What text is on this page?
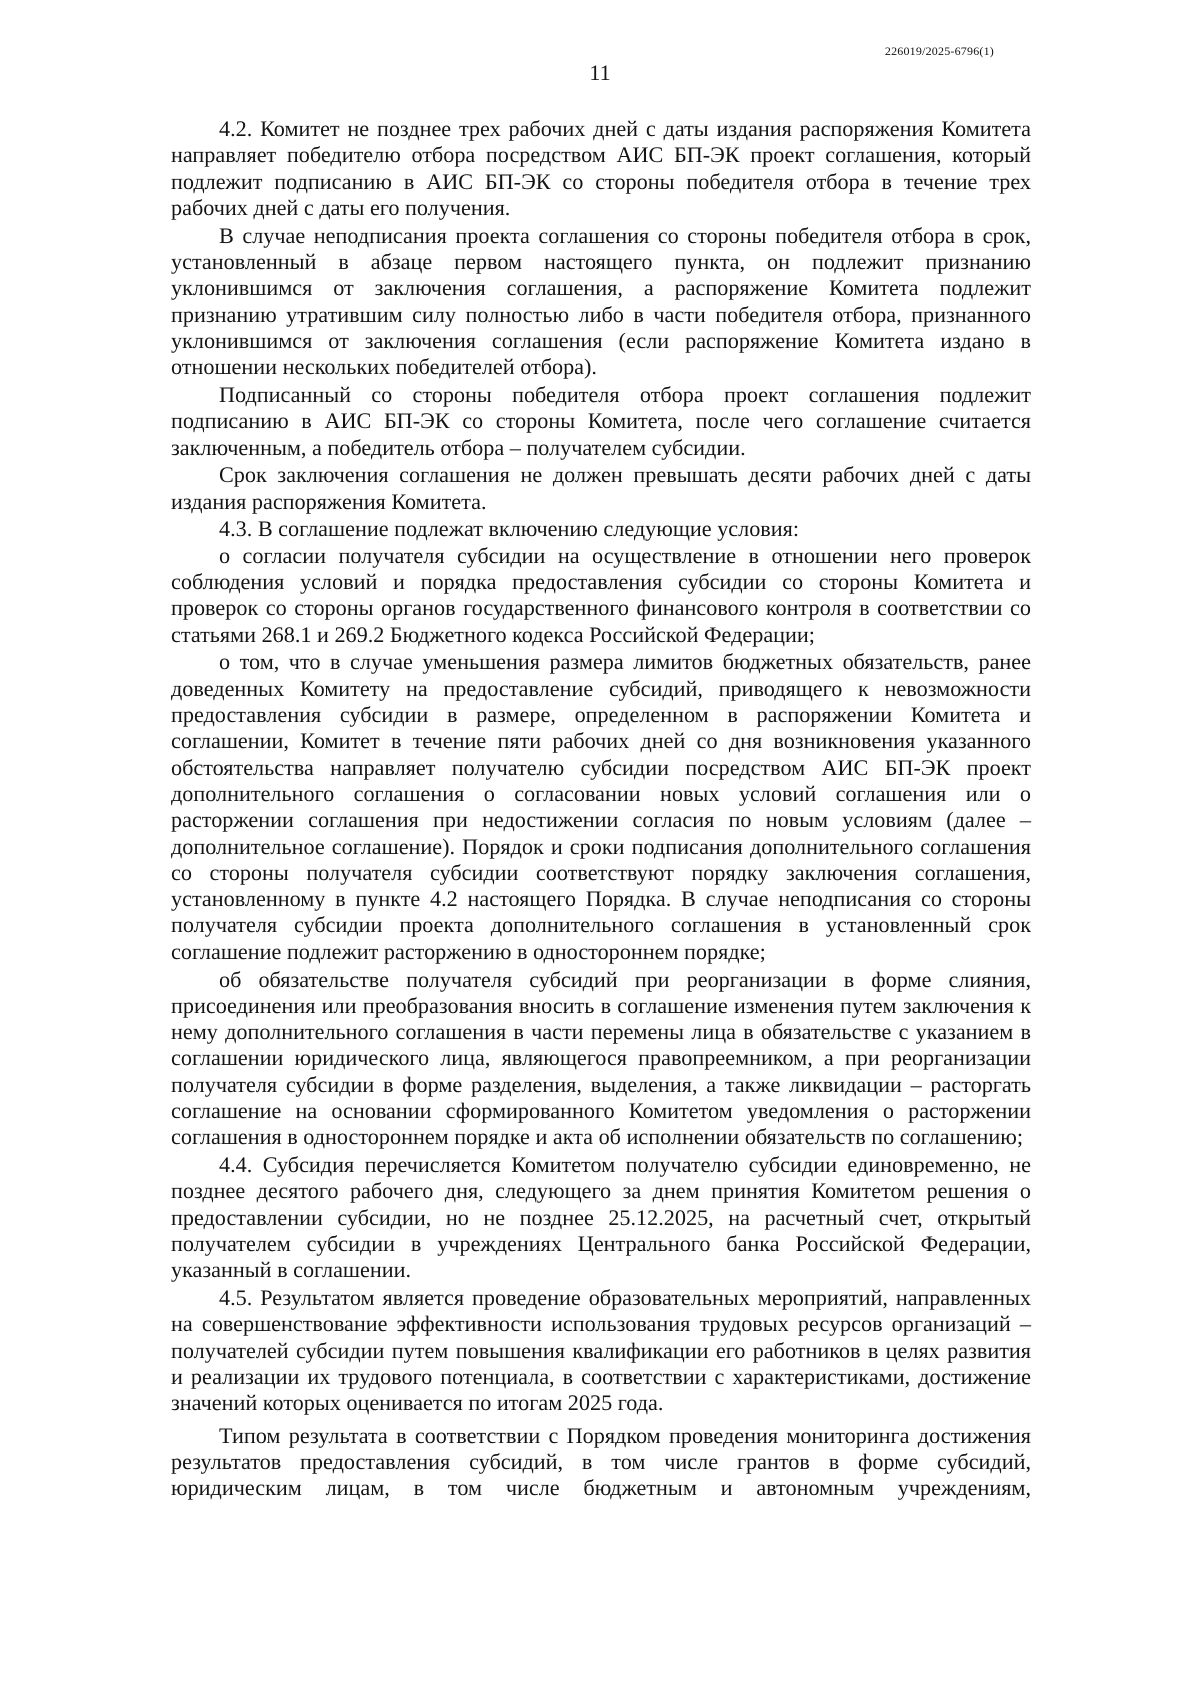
226019/2025-6796(1)
11

4.2. Комитет не позднее трех рабочих дней с даты издания распоряжения Комитета направляет победителю отбора посредством АИС БП-ЭК проект соглашения, который подлежит подписанию в АИС БП-ЭК со стороны победителя отбора в течение трех рабочих дней с даты его получения.

В случае неподписания проекта соглашения со стороны победителя отбора в срок, установленный в абзаце первом настоящего пункта, он подлежит признанию уклонившимся от заключения соглашения, а распоряжение Комитета подлежит признанию утратившим силу полностью либо в части победителя отбора, признанного уклонившимся от заключения соглашения (если распоряжение Комитета издано в отношении нескольких победителей отбора).

Подписанный со стороны победителя отбора проект соглашения подлежит подписанию в АИС БП-ЭК со стороны Комитета, после чего соглашение считается заключенным, а победитель отбора – получателем субсидии.

Срок заключения соглашения не должен превышать десяти рабочих дней с даты издания распоряжения Комитета.

4.3. В соглашение подлежат включению следующие условия:

о согласии получателя субсидии на осуществление в отношении него проверок соблюдения условий и порядка предоставления субсидии со стороны Комитета и проверок со стороны органов государственного финансового контроля в соответствии со статьями 268.1 и 269.2 Бюджетного кодекса Российской Федерации;

о том, что в случае уменьшения размера лимитов бюджетных обязательств, ранее доведенных Комитету на предоставление субсидий, приводящего к невозможности предоставления субсидии в размере, определенном в распоряжении Комитета и соглашении, Комитет в течение пяти рабочих дней со дня возникновения указанного обстоятельства направляет получателю субсидии посредством АИС БП-ЭК проект дополнительного соглашения о согласовании новых условий соглашения или о расторжении соглашения при недостижении согласия по новым условиям (далее – дополнительное соглашение). Порядок и сроки подписания дополнительного соглашения со стороны получателя субсидии соответствуют порядку заключения соглашения, установленному в пункте 4.2 настоящего Порядка. В случае неподписания со стороны получателя субсидии проекта дополнительного соглашения в установленный срок соглашение подлежит расторжению в одностороннем порядке;

об обязательстве получателя субсидий при реорганизации в форме слияния, присоединения или преобразования вносить в соглашение изменения путем заключения к нему дополнительного соглашения в части перемены лица в обязательстве с указанием в соглашении юридического лица, являющегося правопреемником, а при реорганизации получателя субсидии в форме разделения, выделения, а также ликвидации – расторгать соглашение на основании сформированного Комитетом уведомления о расторжении соглашения в одностороннем порядке и акта об исполнении обязательств по соглашению;

4.4. Субсидия перечисляется Комитетом получателю субсидии единовременно, не позднее десятого рабочего дня, следующего за днем принятия Комитетом решения о предоставлении субсидии, но не позднее 25.12.2025, на расчетный счет, открытый получателем субсидии в учреждениях Центрального банка Российской Федерации, указанный в соглашении.

4.5. Результатом является проведение образовательных мероприятий, направленных на совершенствование эффективности использования трудовых ресурсов организаций – получателей субсидии путем повышения квалификации его работников в целях развития и реализации их трудового потенциала, в соответствии с характеристиками, достижение значений которых оценивается по итогам 2025 года.

Типом результата в соответствии с Порядком проведения мониторинга достижения результатов предоставления субсидий, в том числе грантов в форме субсидий, юридическим лицам, в том числе бюджетным и автономным учреждениям,
